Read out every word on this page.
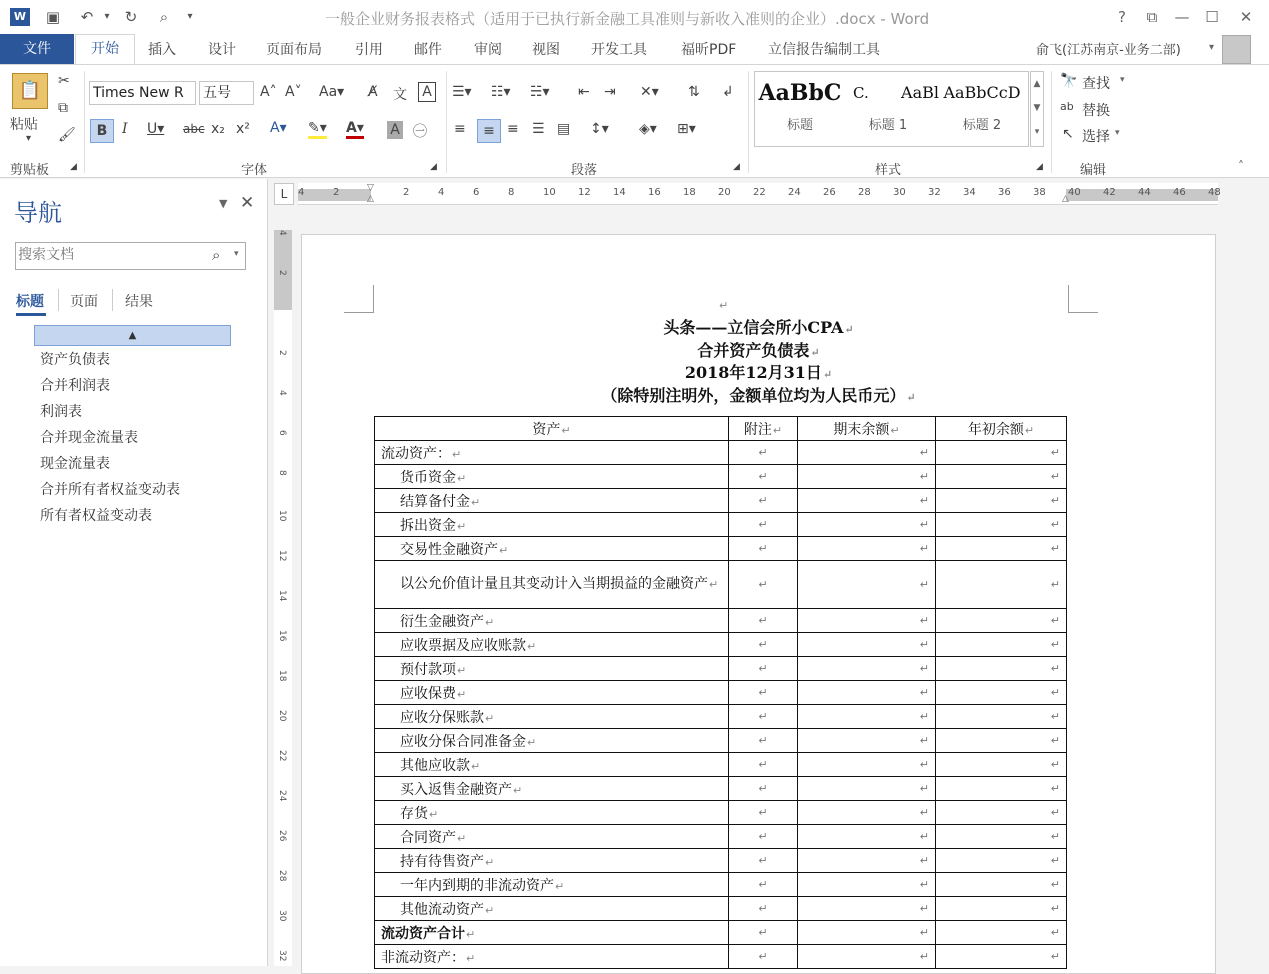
W ▣ ↶	▾	↻	⌕	▾	一般企业财务报表格式（适用于已执行新金融工具准则与新收入准则的企业）.docx - Word	?	⧉	—	☐	✕
文件	开始	插入 设计 页面布局 引用 邮件 审阅 视图 开发工具 福昕PDF 立信报告编制工具	俞飞(江苏南京-业务二部)	▾
📋
粘贴
▾
✂
⧉
🖌
剪贴板 ◢
Times New R	五号	A˄ A˅ Aa▾ A̸ 文	A
B	I U▾ abc x₂ x² A▾ ✎▾ A▾ A ㊀
字体	◢
☰▾ ☷▾ ☵▾ ⇤ ⇥ ✕▾ ⇅ ↲
≡	≡ ≡ ☰ ▤ ↕▾ ◈▾ ⊞▾
段落	◢
AaBbC
标题
C.
标题 1
AaBl AaBbCcD
标题 2
▲
▼
▾
样式	◢
🔭 查找 ▾
ab 替换
↖ 选择 ▾
编辑	˄
导航	▼ ✕
搜索文档
⌕ ▾
标题 页面 结果
▲
资产负债表
合并利润表
利润表
合并现金流量表
现金流量表
合并所有者权益变动表
所有者权益变动表
L	4	2	2	4	6	8	10 12 14 16 18 20 22 24 26 28 30 32 34 36 38 40 42 44 46 48
▽
△	△
4
2
2
4
6
8
10
12
14
16
18
20
22
24
26
28
30
32
↵
头条——立信会所小CPA↵
合并资产负债表↵
2018年12月31日↵
（除特别注明外，金额单位均为人民币元）↵
资产↵	附注↵	期末余额↵	年初余额↵
流动资产：↵	↵	↵	↵
货币资金↵	↵	↵	↵
结算备付金↵	↵	↵	↵
拆出资金↵	↵	↵	↵
交易性金融资产↵	↵	↵	↵
以公允价值计量且其变动计入当期损益的金融资产↵	↵	↵	↵
衍生金融资产↵	↵	↵	↵
应收票据及应收账款↵	↵	↵	↵
预付款项↵	↵	↵	↵
应收保费↵	↵	↵	↵
应收分保账款↵	↵	↵	↵
应收分保合同准备金↵	↵	↵	↵
其他应收款↵	↵	↵	↵
买入返售金融资产↵	↵	↵	↵
存货↵	↵	↵	↵
合同资产↵	↵	↵	↵
持有待售资产↵	↵	↵	↵
一年内到期的非流动资产↵	↵	↵	↵
其他流动资产↵	↵	↵	↵
流动资产合计↵	↵	↵	↵
非流动资产：↵	↵	↵	↵
